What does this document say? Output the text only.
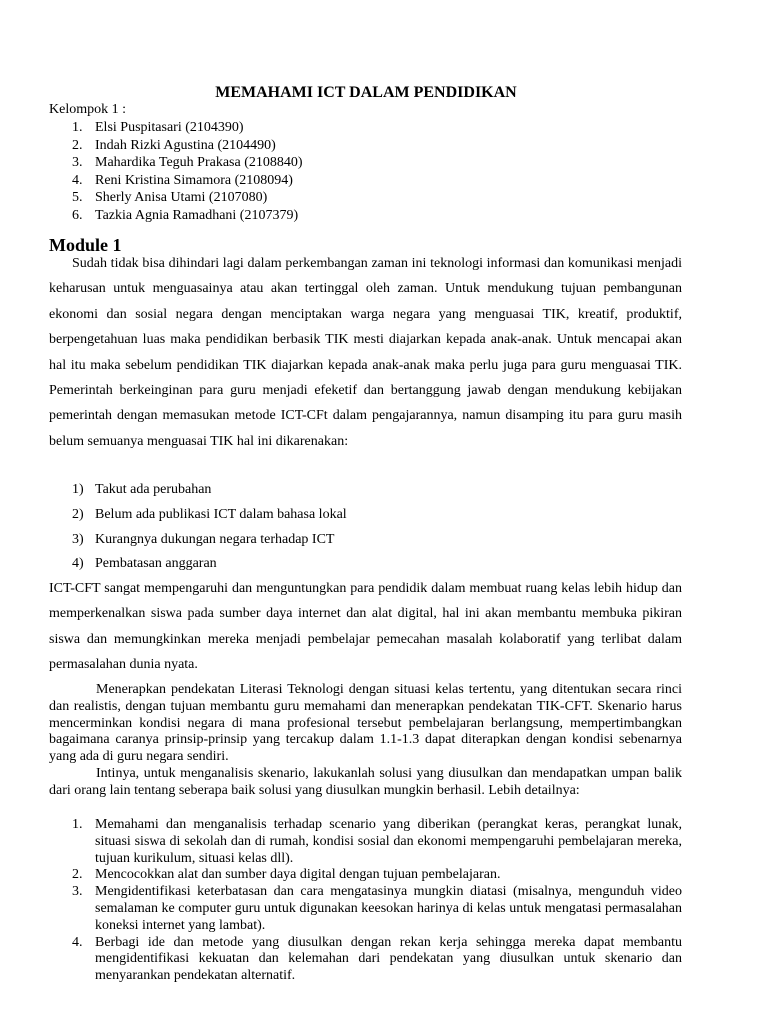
MEMAHAMI ICT DALAM PENDIDIKAN
Kelompok 1 :
1. Elsi Puspitasari (2104390)
2. Indah Rizki Agustina (2104490)
3. Mahardika Teguh Prakasa (2108840)
4. Reni Kristina Simamora (2108094)
5. Sherly Anisa Utami (2107080)
6. Tazkia Agnia Ramadhani (2107379)
Module 1

Sudah tidak bisa dihindari lagi dalam perkembangan zaman ini teknologi informasi dan komunikasi menjadi keharusan untuk menguasainya atau akan tertinggal oleh zaman. Untuk mendukung tujuan pembangunan ekonomi dan sosial negara dengan menciptakan warga negara yang menguasai TIK, kreatif, produktif, berpengetahuan luas maka pendidikan berbasik TIK mesti diajarkan kepada anak-anak. Untuk mencapai akan hal itu maka sebelum pendidikan TIK diajarkan kepada anak-anak maka perlu juga para guru menguasai TIK. Pemerintah berkeinginan para guru menjadi efeketif dan bertanggung jawab dengan mendukung kebijakan pemerintah dengan memasukan metode ICT-CFt dalam pengajarannya, namun disamping itu para guru masih belum semuanya menguasai TIK hal ini dikarenakan:

1) Takut ada perubahan
2) Belum ada publikasi ICT dalam bahasa lokal
3) Kurangnya dukungan negara terhadap ICT
4) Pembatasan anggaran

ICT-CFT sangat mempengaruhi dan menguntungkan para pendidik dalam membuat ruang kelas lebih hidup dan memperkenalkan siswa pada sumber daya internet dan alat digital, hal ini akan membantu membuka pikiran siswa dan memungkinkan mereka menjadi pembelajar pemecahan masalah kolaboratif yang terlibat dalam permasalahan dunia nyata.

Menerapkan pendekatan Literasi Teknologi dengan situasi kelas tertentu, yang ditentukan secara rinci dan realistis, dengan tujuan membantu guru memahami dan menerapkan pendekatan TIK-CFT. Skenario harus mencerminkan kondisi negara di mana profesional tersebut pembelajaran berlangsung, mempertimbangkan bagaimana caranya prinsip-prinsip yang tercakup dalam 1.1-1.3 dapat diterapkan dengan kondisi sebenarnya yang ada di guru negara sendiri.

Intinya, untuk menganalisis skenario, lakukanlah solusi yang diusulkan dan mendapatkan umpan balik dari orang lain tentang seberapa baik solusi yang diusulkan mungkin berhasil. Lebih detailnya:

1. Memahami dan menganalisis terhadap scenario yang diberikan (perangkat keras, perangkat lunak, situasi siswa di sekolah dan di rumah, kondisi sosial dan ekonomi mempengaruhi pembelajaran mereka, tujuan kurikulum, situasi kelas dll).
2. Mencocokkan alat dan sumber daya digital dengan tujuan pembelajaran.
3. Mengidentifikasi keterbatasan dan cara mengatasinya mungkin diatasi (misalnya, mengunduh video semalaman ke computer guru untuk digunakan keesokan harinya di kelas untuk mengatasi permasalahan koneksi internet yang lambat).
4. Berbagi ide dan metode yang diusulkan dengan rekan kerja sehingga mereka dapat membantu mengidentifikasi kekuatan dan kelemahan dari pendekatan yang diusulkan untuk skenario dan menyarankan pendekatan alternatif.
